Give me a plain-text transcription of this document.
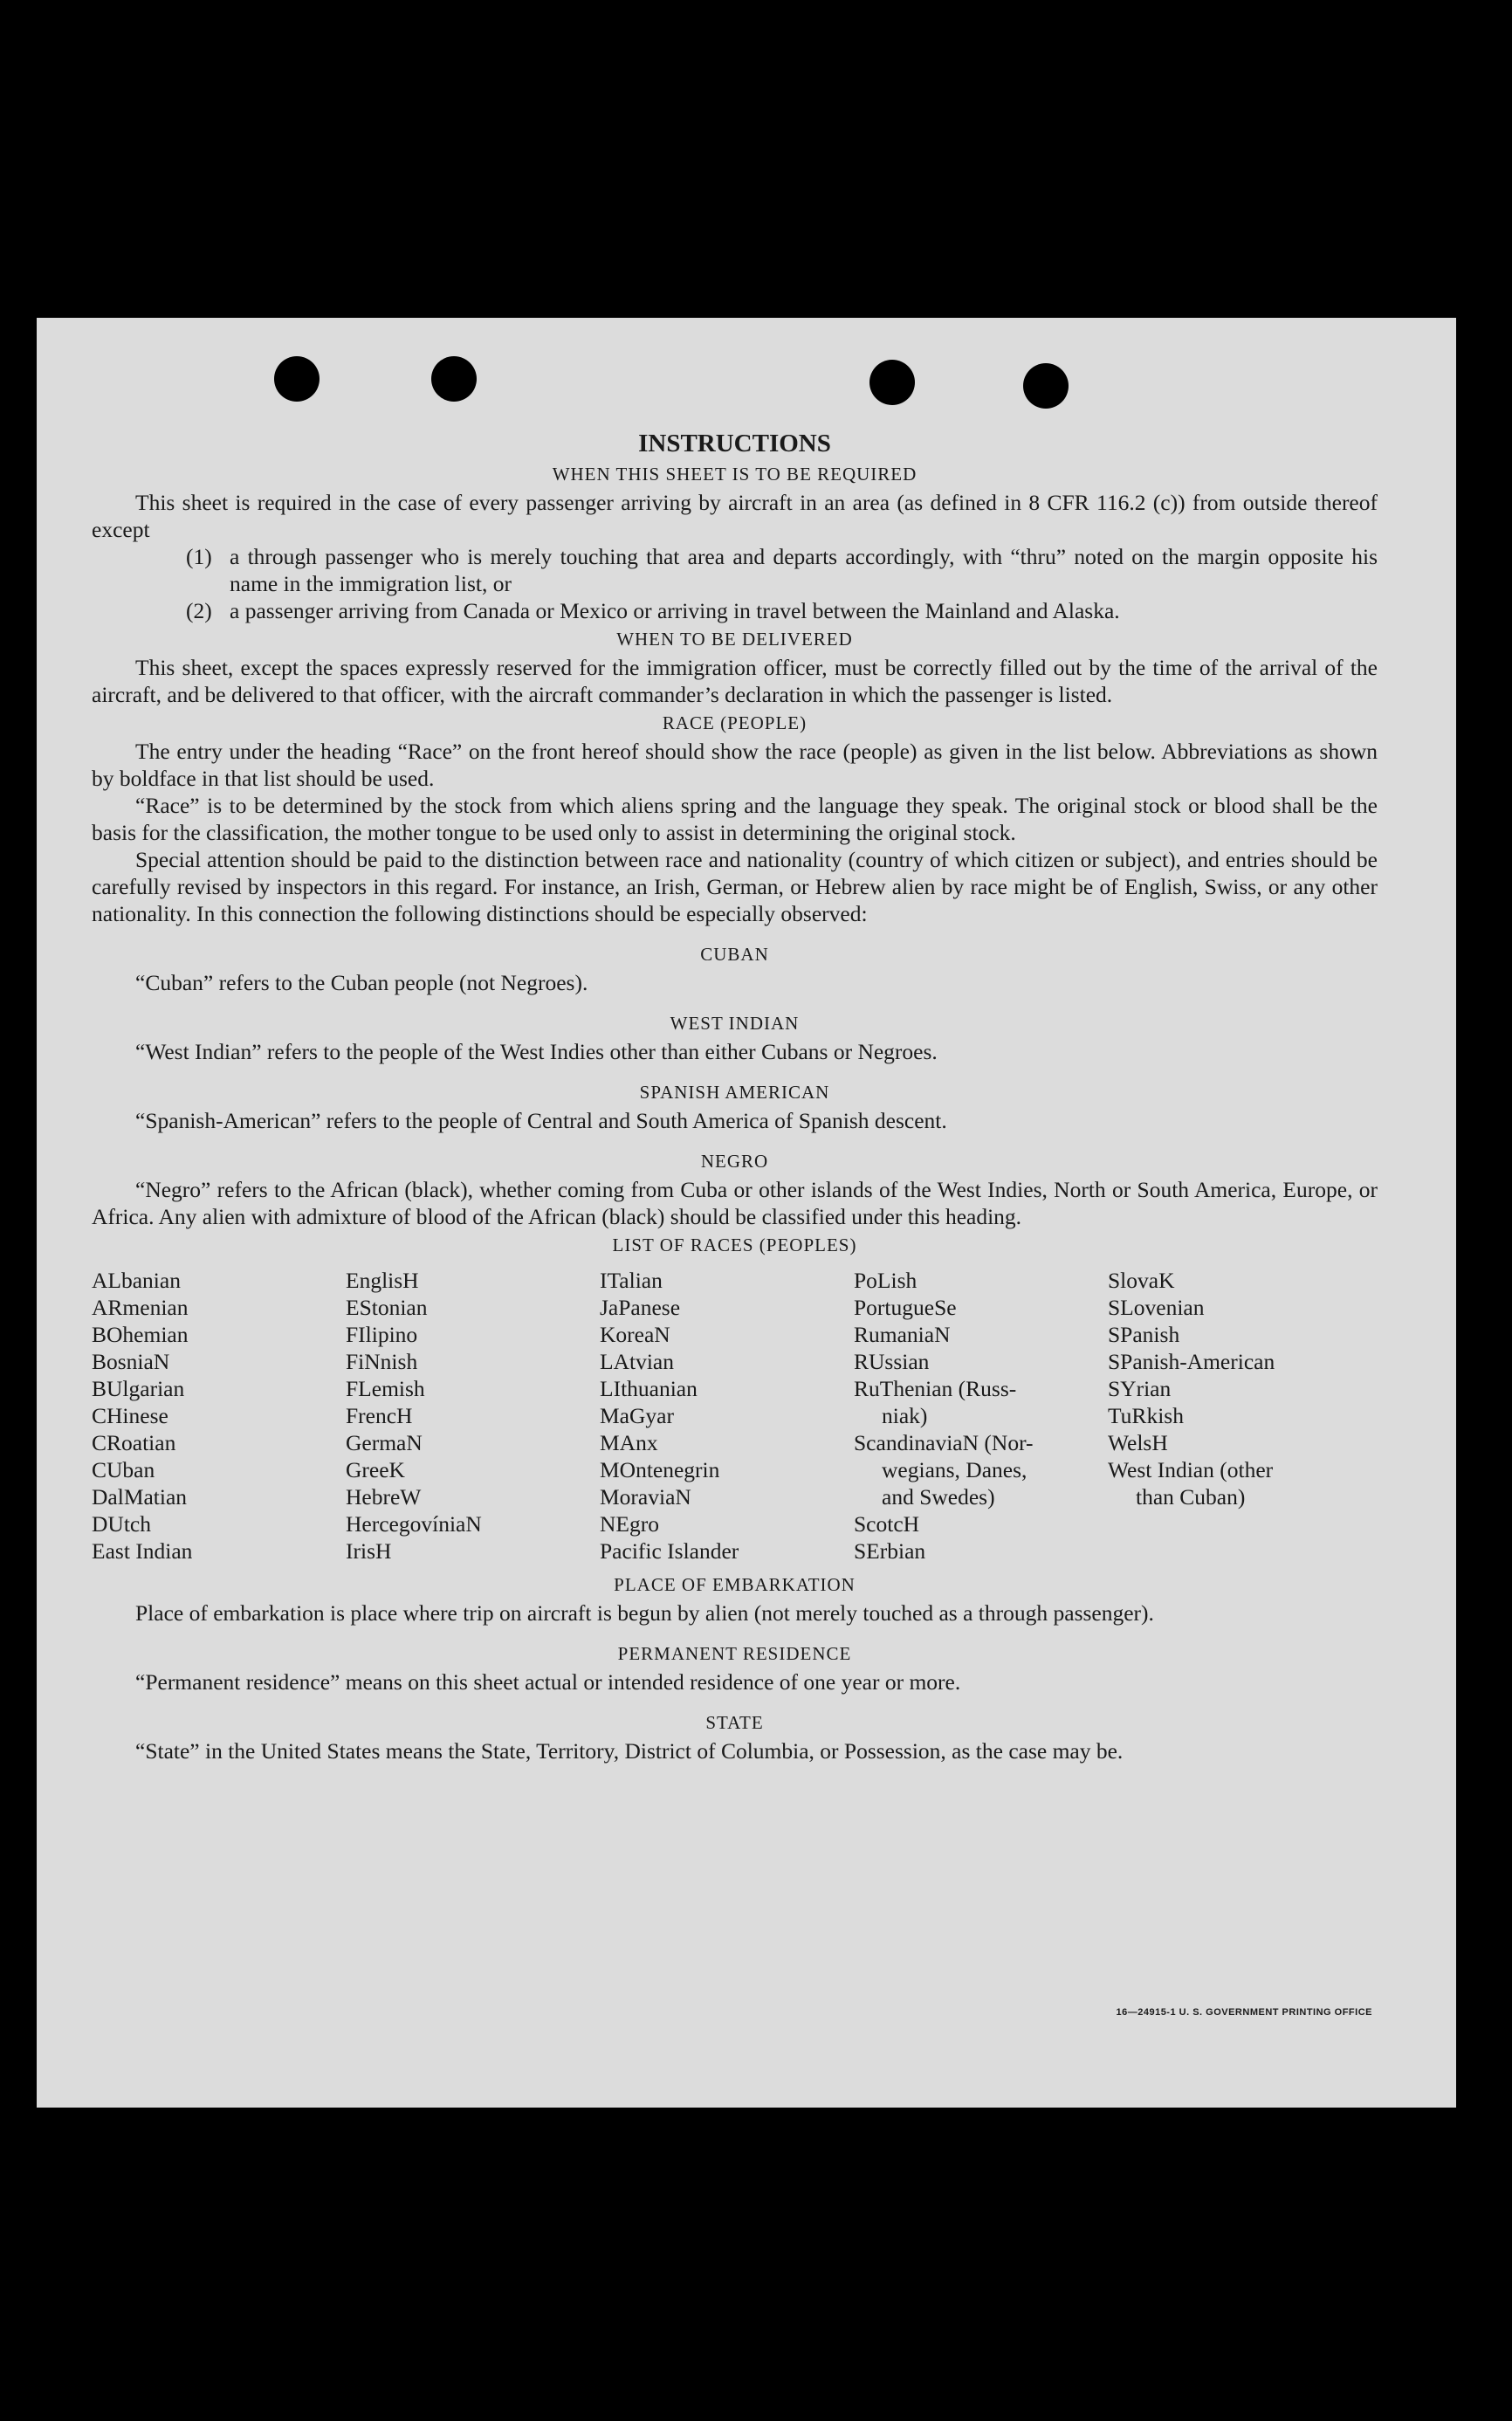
INSTRUCTIONS
WHEN THIS SHEET IS TO BE REQUIRED

This sheet is required in the case of every passenger arriving by aircraft in an area (as defined in 8 CFR 116.2 (c)) from outside thereof except

(1) a through passenger who is merely touching that area and departs accordingly, with “thru” noted on the margin opposite his name in the immigration list, or
(2) a passenger arriving from Canada or Mexico or arriving in travel between the Mainland and Alaska.
WHEN TO BE DELIVERED

This sheet, except the spaces expressly reserved for the immigration officer, must be correctly filled out by the time of the arrival of the aircraft, and be delivered to that officer, with the aircraft commander’s declaration in which the passenger is listed.

RACE (PEOPLE)

The entry under the heading “Race” on the front hereof should show the race (people) as given in the list below. Abbreviations as shown by boldface in that list should be used.

“Race” is to be determined by the stock from which aliens spring and the language they speak. The original stock or blood shall be the basis for the classification, the mother tongue to be used only to assist in determining the original stock.

Special attention should be paid to the distinction between race and nationality (country of which citizen or subject), and entries should be carefully revised by inspectors in this regard. For instance, an Irish, German, or Hebrew alien by race might be of English, Swiss, or any other nationality. In this connection the following distinctions should be especially observed:

CUBAN

“Cuban” refers to the Cuban people (not Negroes).

WEST INDIAN

“West Indian” refers to the people of the West Indies other than either Cubans or Negroes.

SPANISH AMERICAN

“Spanish-American” refers to the people of Central and South America of Spanish descent.

NEGRO

“Negro” refers to the African (black), whether coming from Cuba or other islands of the West Indies, North or South America, Europe, or Africa. Any alien with admixture of blood of the African (black) should be classified under this heading.

LIST OF RACES (PEOPLES)
ALbanian
ARmenian
BOhemian
BosniaN
BUlgarian
CHinese
CRoatian
CUban
DalMatian
DUtch
East Indian
EnglisH
EStonian
FIlipino
FiNnish
FLemish
FrencH
GermaN
GreeK
HebreW
HercegovíniaN
IrisH
ITalian
JaPanese
KoreaN
LAtvian
LIthuanian
MaGyar
MAnx
MOntenegrin
MoraviaN
NEgro
Pacific Islander
PoLish
PortugueSe
RumaniaN
RUssian
RuThenian (Russ-
niak)
ScandinaviaN (Nor-
wegians, Danes,
and Swedes)
ScotcH
SErbian
SlovaK
SLovenian
SPanish
SPanish-American
SYrian
TuRkish
WelsH
West Indian (other
than Cuban)
PLACE OF EMBARKATION

Place of embarkation is place where trip on aircraft is begun by alien (not merely touched as a through passenger).

PERMANENT RESIDENCE

“Permanent residence” means on this sheet actual or intended residence of one year or more.

STATE

“State” in the United States means the State, Territory, District of Columbia, or Possession, as the case may be.

16—24915-1 U. S. GOVERNMENT PRINTING OFFICE
